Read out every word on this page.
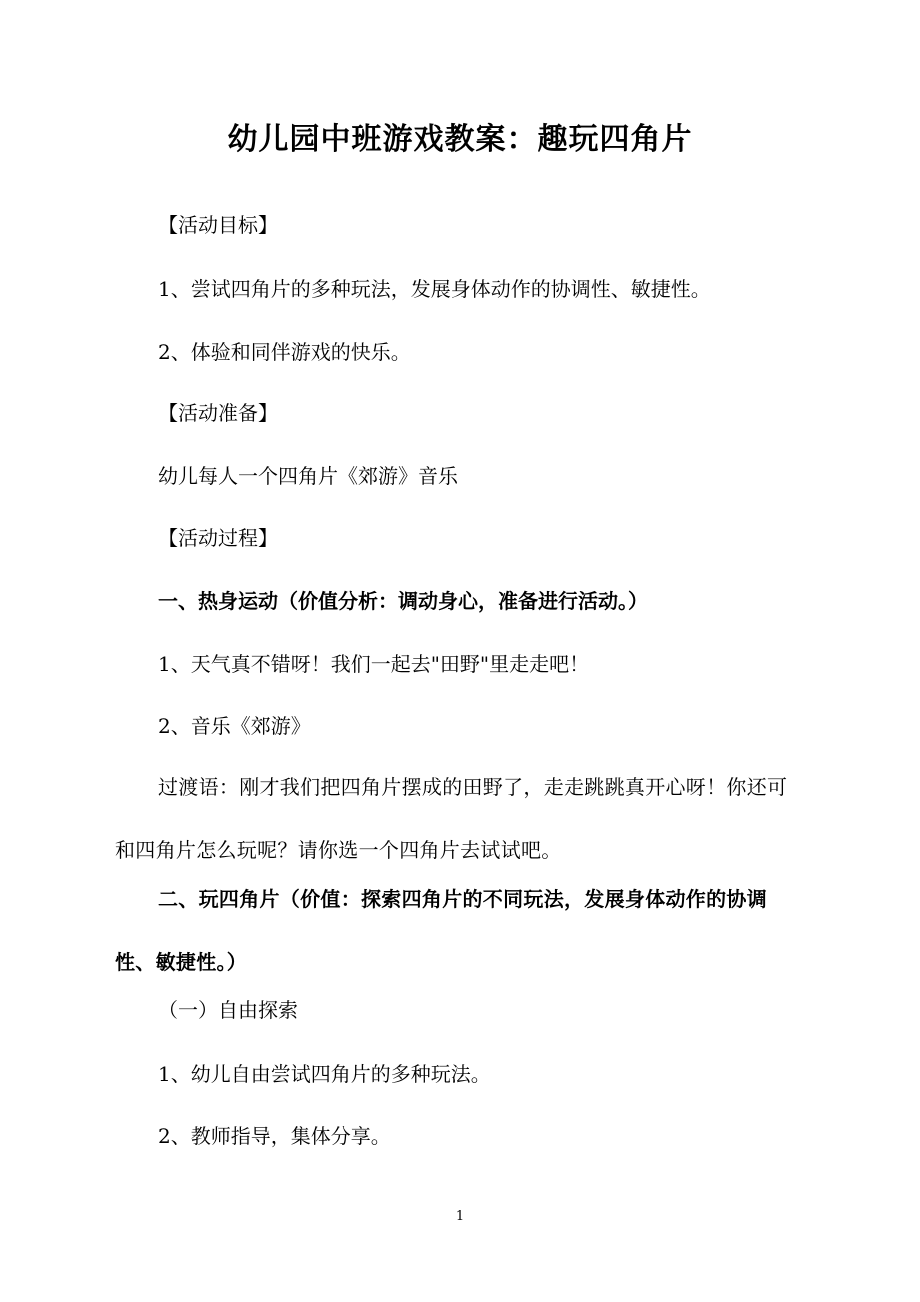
幼儿园中班游戏教案：趣玩四角片
【活动目标】
1、尝试四角片的多种玩法，发展身体动作的协调性、敏捷性。
2、体验和同伴游戏的快乐。
【活动准备】
幼儿每人一个四角片《郊游》音乐
【活动过程】
一、热身运动（价值分析：调动身心，准备进行活动。）
1、天气真不错呀！我们一起去"田野"里走走吧！
2、音乐《郊游》
过渡语：刚才我们把四角片摆成的田野了，走走跳跳真开心呀！你还可和四角片怎么玩呢？请你选一个四角片去试试吧。
二、玩四角片（价值：探索四角片的不同玩法，发展身体动作的协调性、敏捷性。）
（一）自由探索
1、幼儿自由尝试四角片的多种玩法。
2、教师指导，集体分享。
1
